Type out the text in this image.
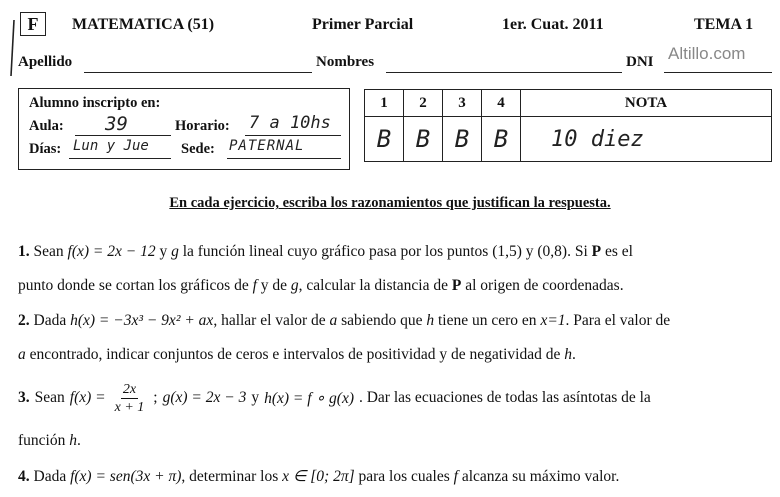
F	MATEMATICA (51)	Primer Parcial	1er. Cuat. 2011	TEMA 1
Altillo.com
Apellido	Nombres	DNI
Alumno inscripto en:
Aula: 39	Horario: 7 a 10hs
Días: Lun y Jue Sede: PATERNAL
1	2	3	4	NOTA
B	B	B	B	10 diez
En cada ejercicio, escriba los razonamientos que justifican la respuesta.
1. Sean f(x) = 2x − 12 y g la función lineal cuyo gráfico pasa por los puntos (1,5) y (0,8). Si P es el
punto donde se cortan los gráficos de f y de g, calcular la distancia de P al origen de coordenadas.
2. Dada h(x) = −3x³ − 9x² + ax, hallar el valor de a sabiendo que h tiene un cero en x=1. Para el valor de
a encontrado, indicar conjuntos de ceros e intervalos de positividad y de negatividad de h.
3. Sean $f(x) = \frac{2x}{x + 1}$ ; g(x) = 2x − 3 y h(x) = f ∘ g(x) . Dar las ecuaciones de todas las asíntotas de la
función h.
4. Dada f(x) = sen(3x + π), determinar los x ∈ [0; 2π] para los cuales f alcanza su máximo valor.
